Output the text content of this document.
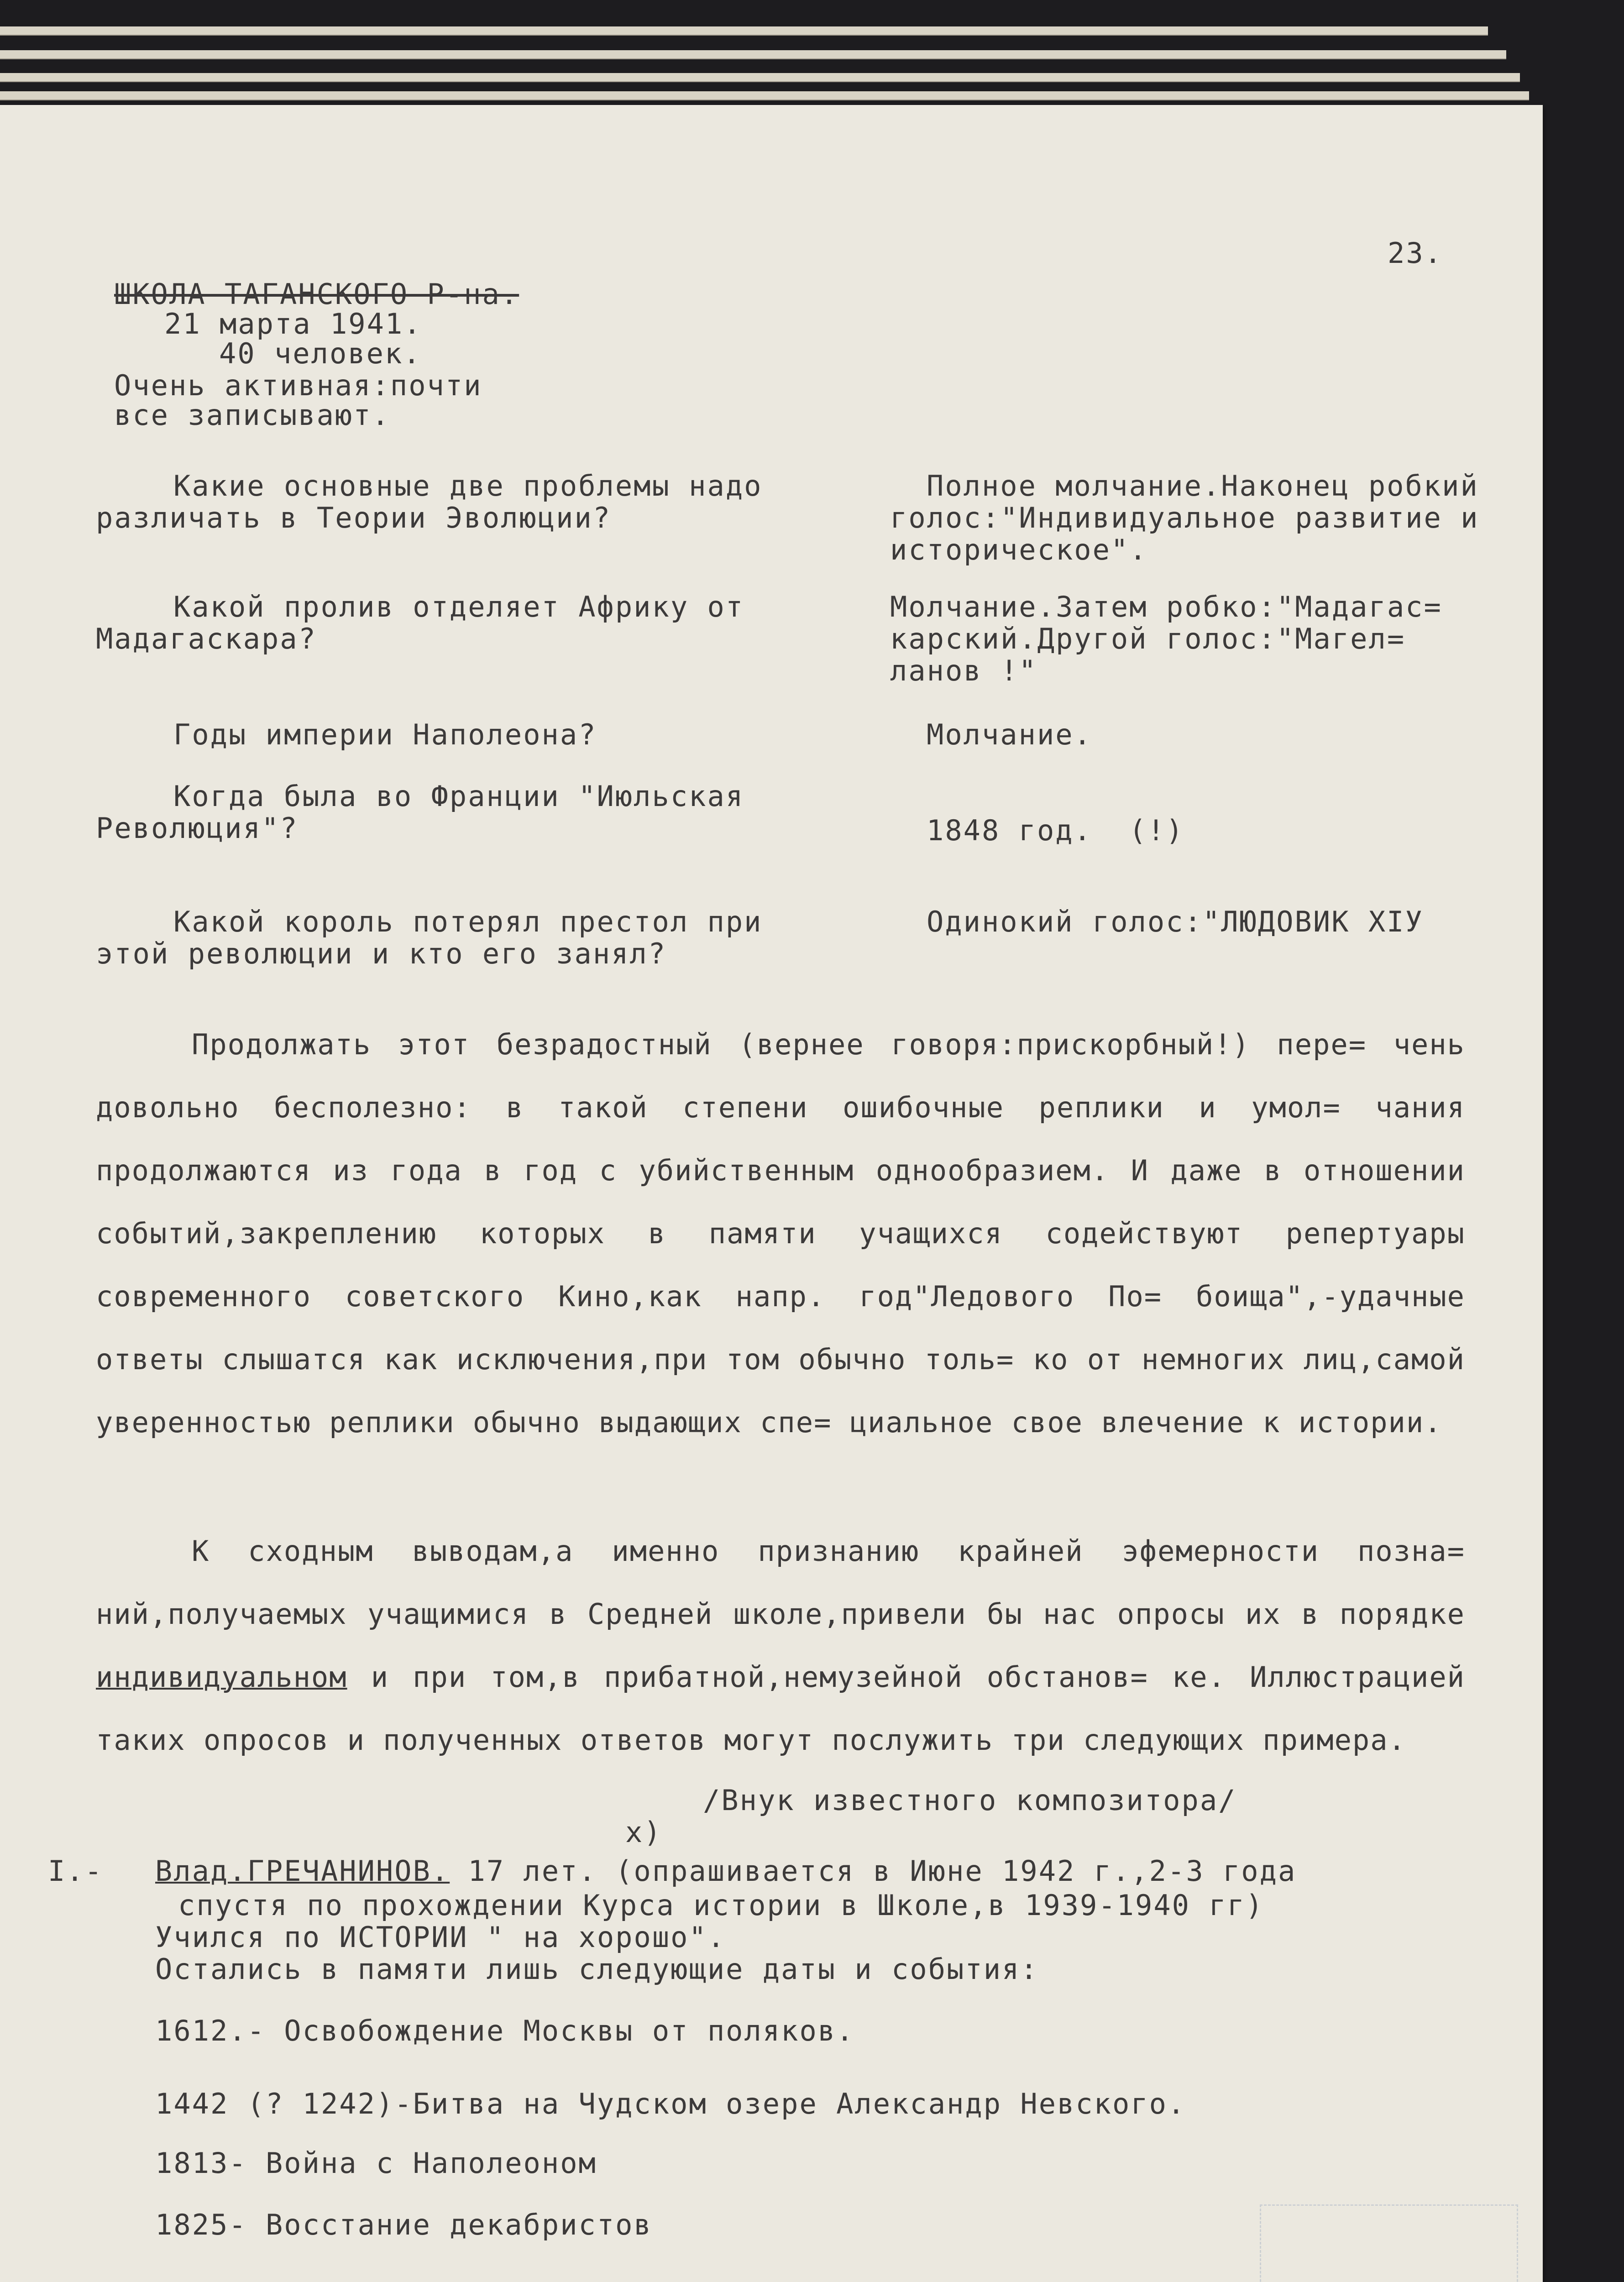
23.
ШКОЛА ТАГАНСКОГО Р-на.
21 марта 1941.
40 человек.
Очень активная:почти
все записывают.
Какие основные две проблемы надо различать в Теории Эволюции?
Полное молчание.Наконец робкий голос:"Индивидуальное развитие и историческое".
Какой пролив отделяет Африку от Мадагаскара?
Молчание.Затем робко:"Мадагас= карский.Другой голос:"Магел= ланов !"
Годы империи Наполеона?	Молчание.
Когда была во Франции "Июльская Революция"?	1848 год.  (!)
Какой король потерял престол при этой революции и кто его занял?
Одинокий голос:"ЛЮДОВИК XIУ
Продолжать этот безрадостный (вернее говоря:прискорбный!) пере= чень довольно бесполезно: в такой степени ошибочные реплики и умол= чания продолжаются из года в год с убийственным однообразием. И даже в отношении событий,закреплению которых в памяти учащихся содействуют репертуары современного советского Кино,как напр. год"Ледового По= боища",-удачные ответы слышатся как исключения,при том обычно толь= ко от немногих лиц,самой уверенностью реплики обычно выдающих спе= циальное свое влечение к истории.
К сходным выводам,а именно признанию крайней эфемерности позна= ний,получаемых учащимися в Средней школе,привели бы нас опросы их в порядке индивидуальном и при том,в прибатной,немузейной обстанов= ке. Иллюстрацией таких опросов и полученных ответов могут послужить три следующих примера.
/Внук известного композитора/
x)
I.- Влад.ГРЕЧАНИНОВ. 17 лет. (опрашивается в Июне 1942 г.,2-3 года
спустя по прохождении Курса истории в Школе,в 1939-1940 гг)
Учился по ИСТОРИИ " на хорошо".
Остались в памяти лишь следующие даты и события:
1612.- Освобождение Москвы от поляков.
1442 (? 1242)-Битва на Чудском озере Александр Невского.
1813- Война с Наполеоном
1825- Восстание декабристов
